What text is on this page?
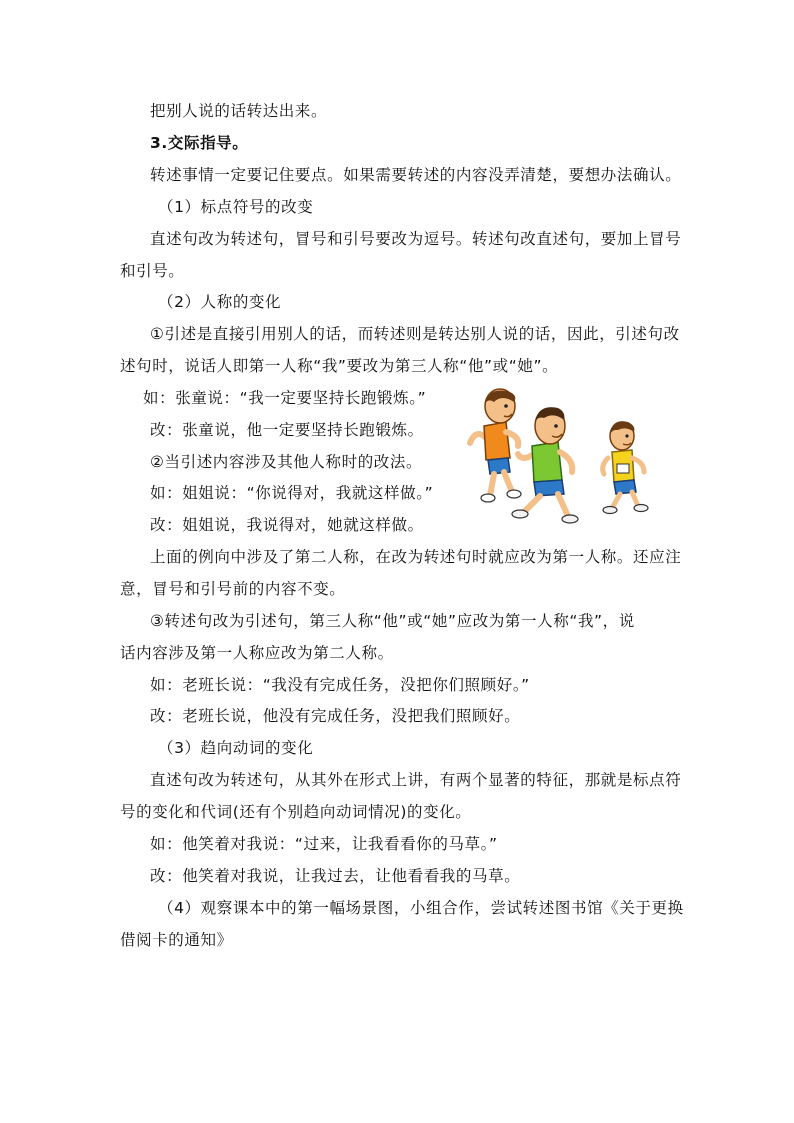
把别人说的话转达出来。
3.交际指导。
转述事情一定要记住要点。如果需要转述的内容没弄清楚，要想办法确认。
（1）标点符号的改变
直述句改为转述句，冒号和引号要改为逗号。转述句改直述句，要加上冒号
和引号。
（2）人称的变化
①引述是直接引用别人的话，而转述则是转达别人说的话，因此，引述句改
述句时，说话人即第一人称“我”要改为第三人称“他”或“她”。
如：张童说：“我一定要坚持长跑锻炼。”
改：张童说，他一定要坚持长跑锻炼。
②当引述内容涉及其他人称时的改法。
如：姐姐说：“你说得对，我就这样做。”
改：姐姐说，我说得对，她就这样做。
上面的例向中涉及了第二人称，在改为转述句时就应改为第一人称。还应注
意，冒号和引号前的内容不变。
③转述句改为引述句，第三人称“他”或“她”应改为第一人称“我”，说
话内容涉及第一人称应改为第二人称。
如：老班长说：“我没有完成任务，没把你们照顾好。”
改：老班长说，他没有完成任务，没把我们照顾好。
（3）趋向动词的变化
直述句改为转述句，从其外在形式上讲，有两个显著的特征，那就是标点符
号的变化和代词(还有个别趋向动词情况)的变化。
如：他笑着对我说：“过来，让我看看你的马草。”
改：他笑着对我说，让我过去，让他看看我的马草。
（4）观察课本中的第一幅场景图，小组合作，尝试转述图书馆《关于更换
借阅卡的通知》
